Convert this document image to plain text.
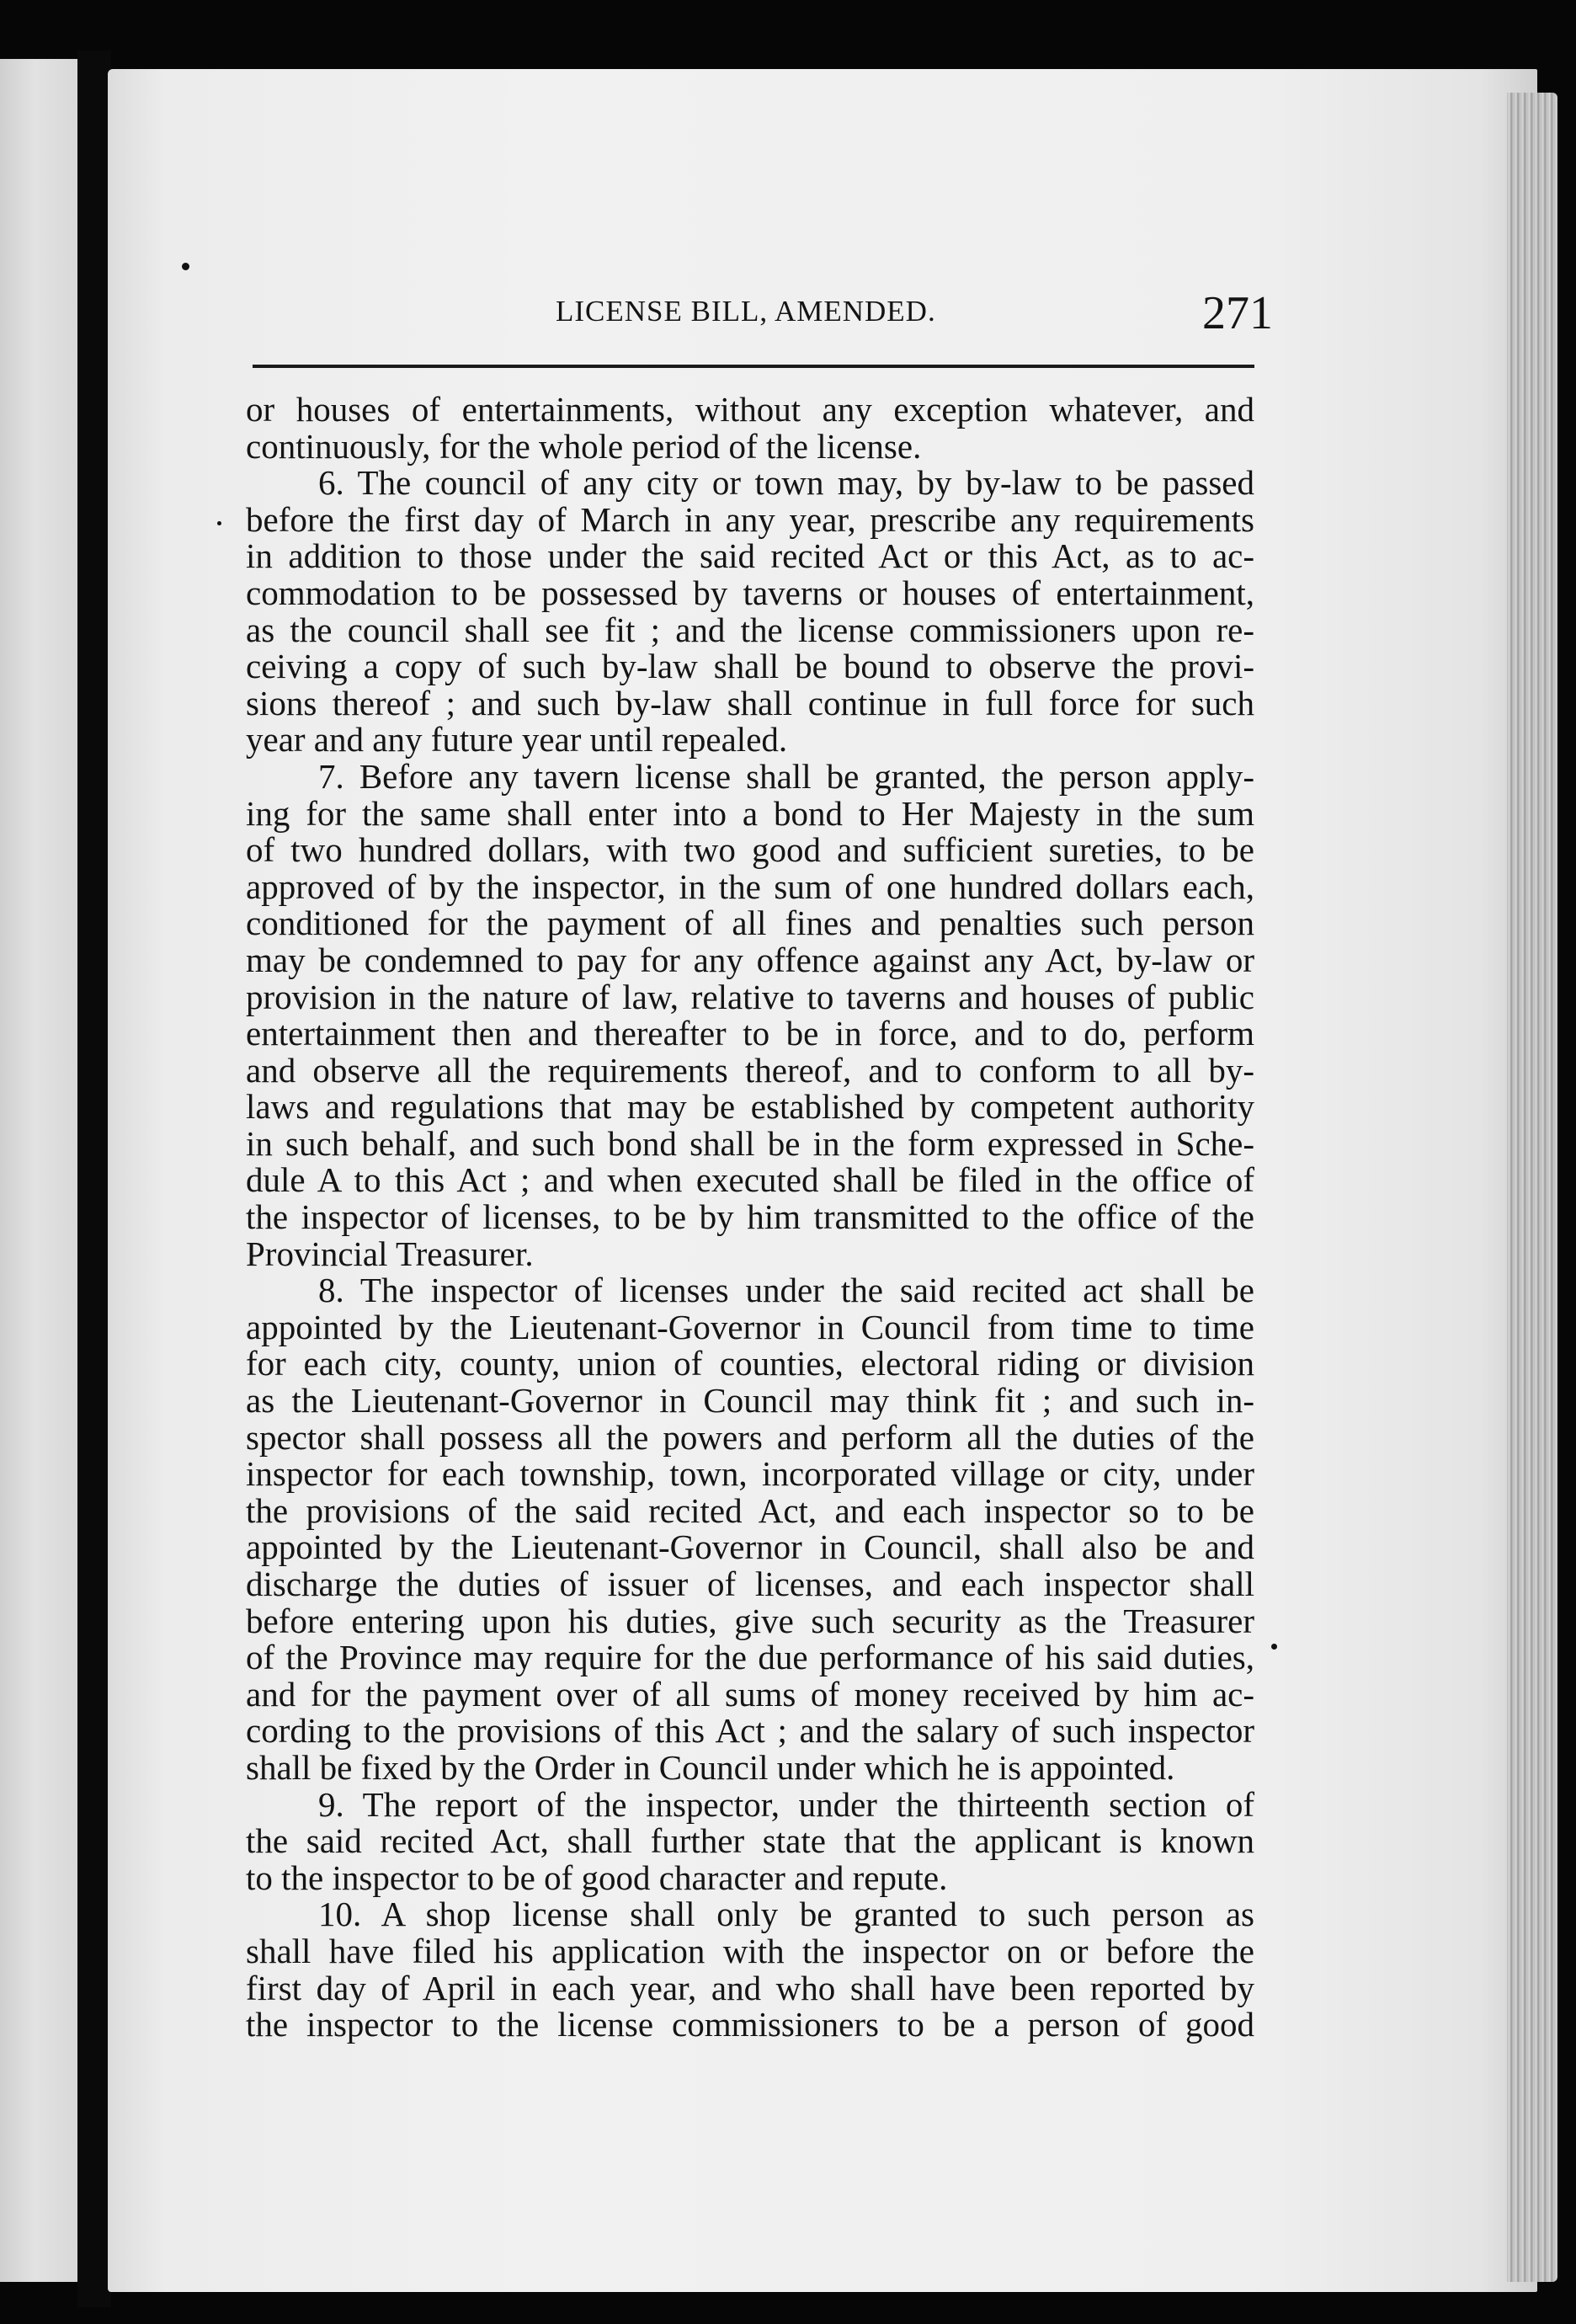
LICENSE BILL, AMENDED.	271
or houses of entertainments, without any exception whatever, and
continuously, for the whole period of the license.
6. The council of any city or town may, by by-law to be passed
before the first day of March in any year, prescribe any requirements
in addition to those under the said recited Act or this Act, as to ac-
commodation to be possessed by taverns or houses of entertainment,
as the council shall see fit ; and the license commissioners upon re-
ceiving a copy of such by-law shall be bound to observe the provi-
sions thereof ; and such by-law shall continue in full force for such
year and any future year until repealed.
7. Before any tavern license shall be granted, the person apply-
ing for the same shall enter into a bond to Her Majesty in the sum
of two hundred dollars, with two good and sufficient sureties, to be
approved of by the inspector, in the sum of one hundred dollars each,
conditioned for the payment of all fines and penalties such person
may be condemned to pay for any offence against any Act, by-law or
provision in the nature of law, relative to taverns and houses of public
entertainment then and thereafter to be in force, and to do, perform
and observe all the requirements thereof, and to conform to all by-
laws and regulations that may be established by competent authority
in such behalf, and such bond shall be in the form expressed in Sche-
dule A to this Act ; and when executed shall be filed in the office of
the inspector of licenses, to be by him transmitted to the office of the
Provincial Treasurer.
8. The inspector of licenses under the said recited act shall be
appointed by the Lieutenant-Governor in Council from time to time
for each city, county, union of counties, electoral riding or division
as the Lieutenant-Governor in Council may think fit ; and such in-
spector shall possess all the powers and perform all the duties of the
inspector for each township, town, incorporated village or city, under
the provisions of the said recited Act, and each inspector so to be
appointed by the Lieutenant-Governor in Council, shall also be and
discharge the duties of issuer of licenses, and each inspector shall
before entering upon his duties, give such security as the Treasurer
of the Province may require for the due performance of his said duties,
and for the payment over of all sums of money received by him ac-
cording to the provisions of this Act ; and the salary of such inspector
shall be fixed by the Order in Council under which he is appointed.
9. The report of the inspector, under the thirteenth section of
the said recited Act, shall further state that the applicant is known
to the inspector to be of good character and repute.
10. A shop license shall only be granted to such person as
shall have filed his application with the inspector on or before the
first day of April in each year, and who shall have been reported by
the inspector to the license commissioners to be a person of good
